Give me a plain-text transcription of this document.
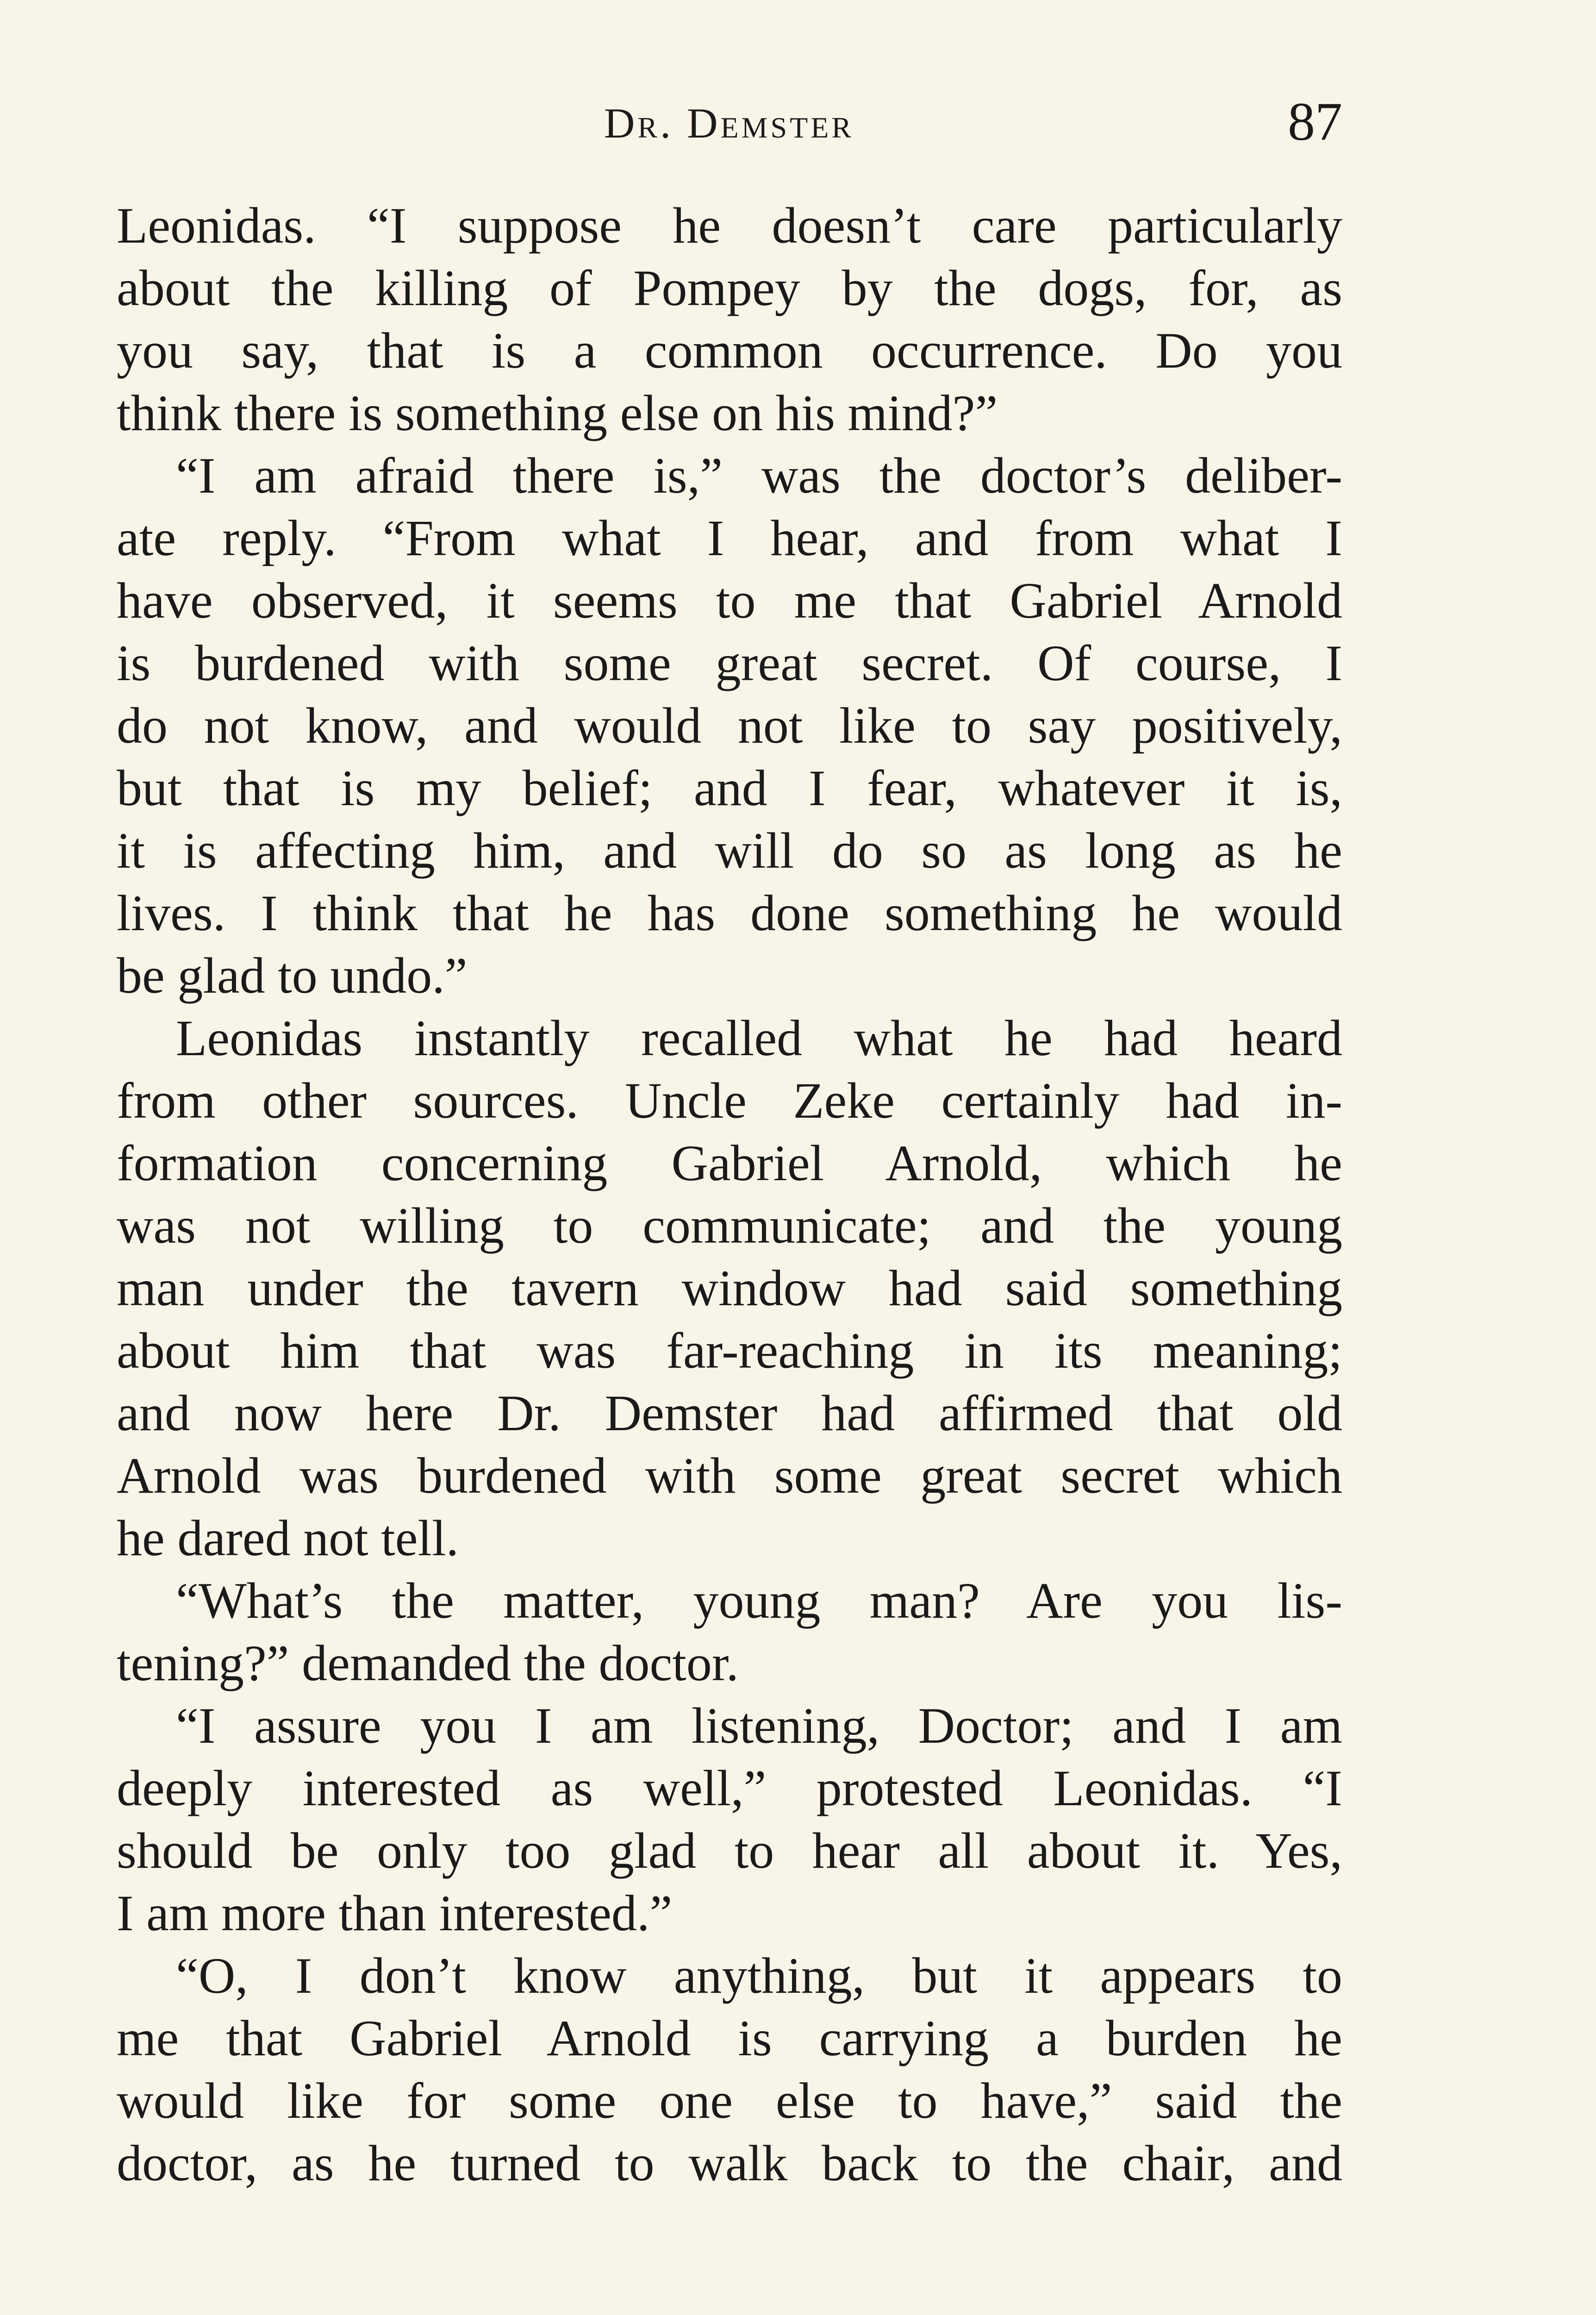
Dr. Demster	87
Leonidas. “I suppose he doesn’t care particularly
about the killing of Pompey by the dogs, for, as
you say, that is a common occurrence. Do you
think there is something else on his mind?”
“I am afraid there is,” was the doctor’s deliber-
ate reply. “From what I hear, and from what I
have observed, it seems to me that Gabriel Arnold
is burdened with some great secret. Of course, I
do not know, and would not like to say positively,
but that is my belief; and I fear, whatever it is,
it is affecting him, and will do so as long as he
lives. I think that he has done something he would
be glad to undo.”
Leonidas instantly recalled what he had heard
from other sources. Uncle Zeke certainly had in-
formation concerning Gabriel Arnold, which he
was not willing to communicate; and the young
man under the tavern window had said something
about him that was far-reaching in its meaning;
and now here Dr. Demster had affirmed that old
Arnold was burdened with some great secret which
he dared not tell.
“What’s the matter, young man? Are you lis-
tening?” demanded the doctor.
“I assure you I am listening, Doctor; and I am
deeply interested as well,” protested Leonidas. “I
should be only too glad to hear all about it. Yes,
I am more than interested.”
“O, I don’t know anything, but it appears to
me that Gabriel Arnold is carrying a burden he
would like for some one else to have,” said the
doctor, as he turned to walk back to the chair, and
